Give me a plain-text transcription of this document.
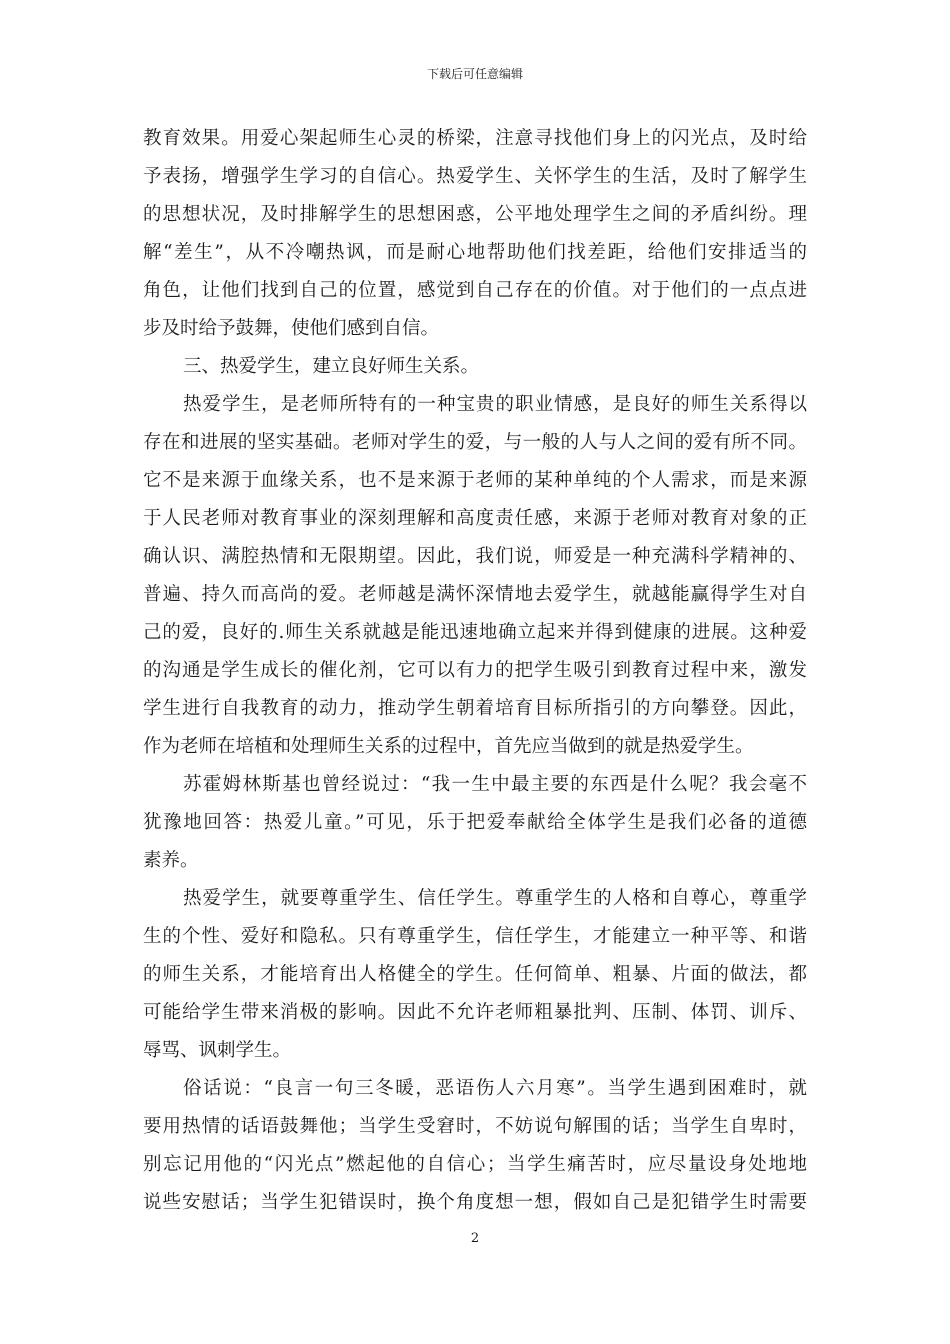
下载后可任意编辑
教育效果。用爱心架起师生心灵的桥梁，注意寻找他们身上的闪光点，及时给
予表扬，增强学生学习的自信心。热爱学生、关怀学生的生活，及时了解学生
的思想状况，及时排解学生的思想困惑，公平地处理学生之间的矛盾纠纷。理
解“差生”，从不冷嘲热讽，而是耐心地帮助他们找差距，给他们安排适当的
角色，让他们找到自己的位置，感觉到自己存在的价值。对于他们的一点点进
步及时给予鼓舞，使他们感到自信。
三、热爱学生，建立良好师生关系。
热爱学生，是老师所特有的一种宝贵的职业情感，是良好的师生关系得以
存在和进展的坚实基础。老师对学生的爱，与一般的人与人之间的爱有所不同。
它不是来源于血缘关系，也不是来源于老师的某种单纯的个人需求，而是来源
于人民老师对教育事业的深刻理解和高度责任感，来源于老师对教育对象的正
确认识、满腔热情和无限期望。因此，我们说，师爱是一种充满科学精神的、
普遍、持久而高尚的爱。老师越是满怀深情地去爱学生，就越能赢得学生对自
己的爱，良好的.师生关系就越是能迅速地确立起来并得到健康的进展。这种爱
的沟通是学生成长的催化剂，它可以有力的把学生吸引到教育过程中来，激发
学生进行自我教育的动力，推动学生朝着培育目标所指引的方向攀登。因此，
作为老师在培植和处理师生关系的过程中，首先应当做到的就是热爱学生。
苏霍姆林斯基也曾经说过：“我一生中最主要的东西是什么呢？我会毫不
犹豫地回答：热爱儿童。”可见，乐于把爱奉献给全体学生是我们必备的道德
素养。
热爱学生，就要尊重学生、信任学生。尊重学生的人格和自尊心，尊重学
生的个性、爱好和隐私。只有尊重学生，信任学生，才能建立一种平等、和谐
的师生关系，才能培育出人格健全的学生。任何简单、粗暴、片面的做法，都
可能给学生带来消极的影响。因此不允许老师粗暴批判、压制、体罚、训斥、
辱骂、讽刺学生。
俗话说：“良言一句三冬暖，恶语伤人六月寒”。当学生遇到困难时，就
要用热情的话语鼓舞他；当学生受窘时，不妨说句解围的话；当学生自卑时，
别忘记用他的“闪光点”燃起他的自信心；当学生痛苦时，应尽量设身处地地
说些安慰话；当学生犯错误时，换个角度想一想，假如自己是犯错学生时需要
2
